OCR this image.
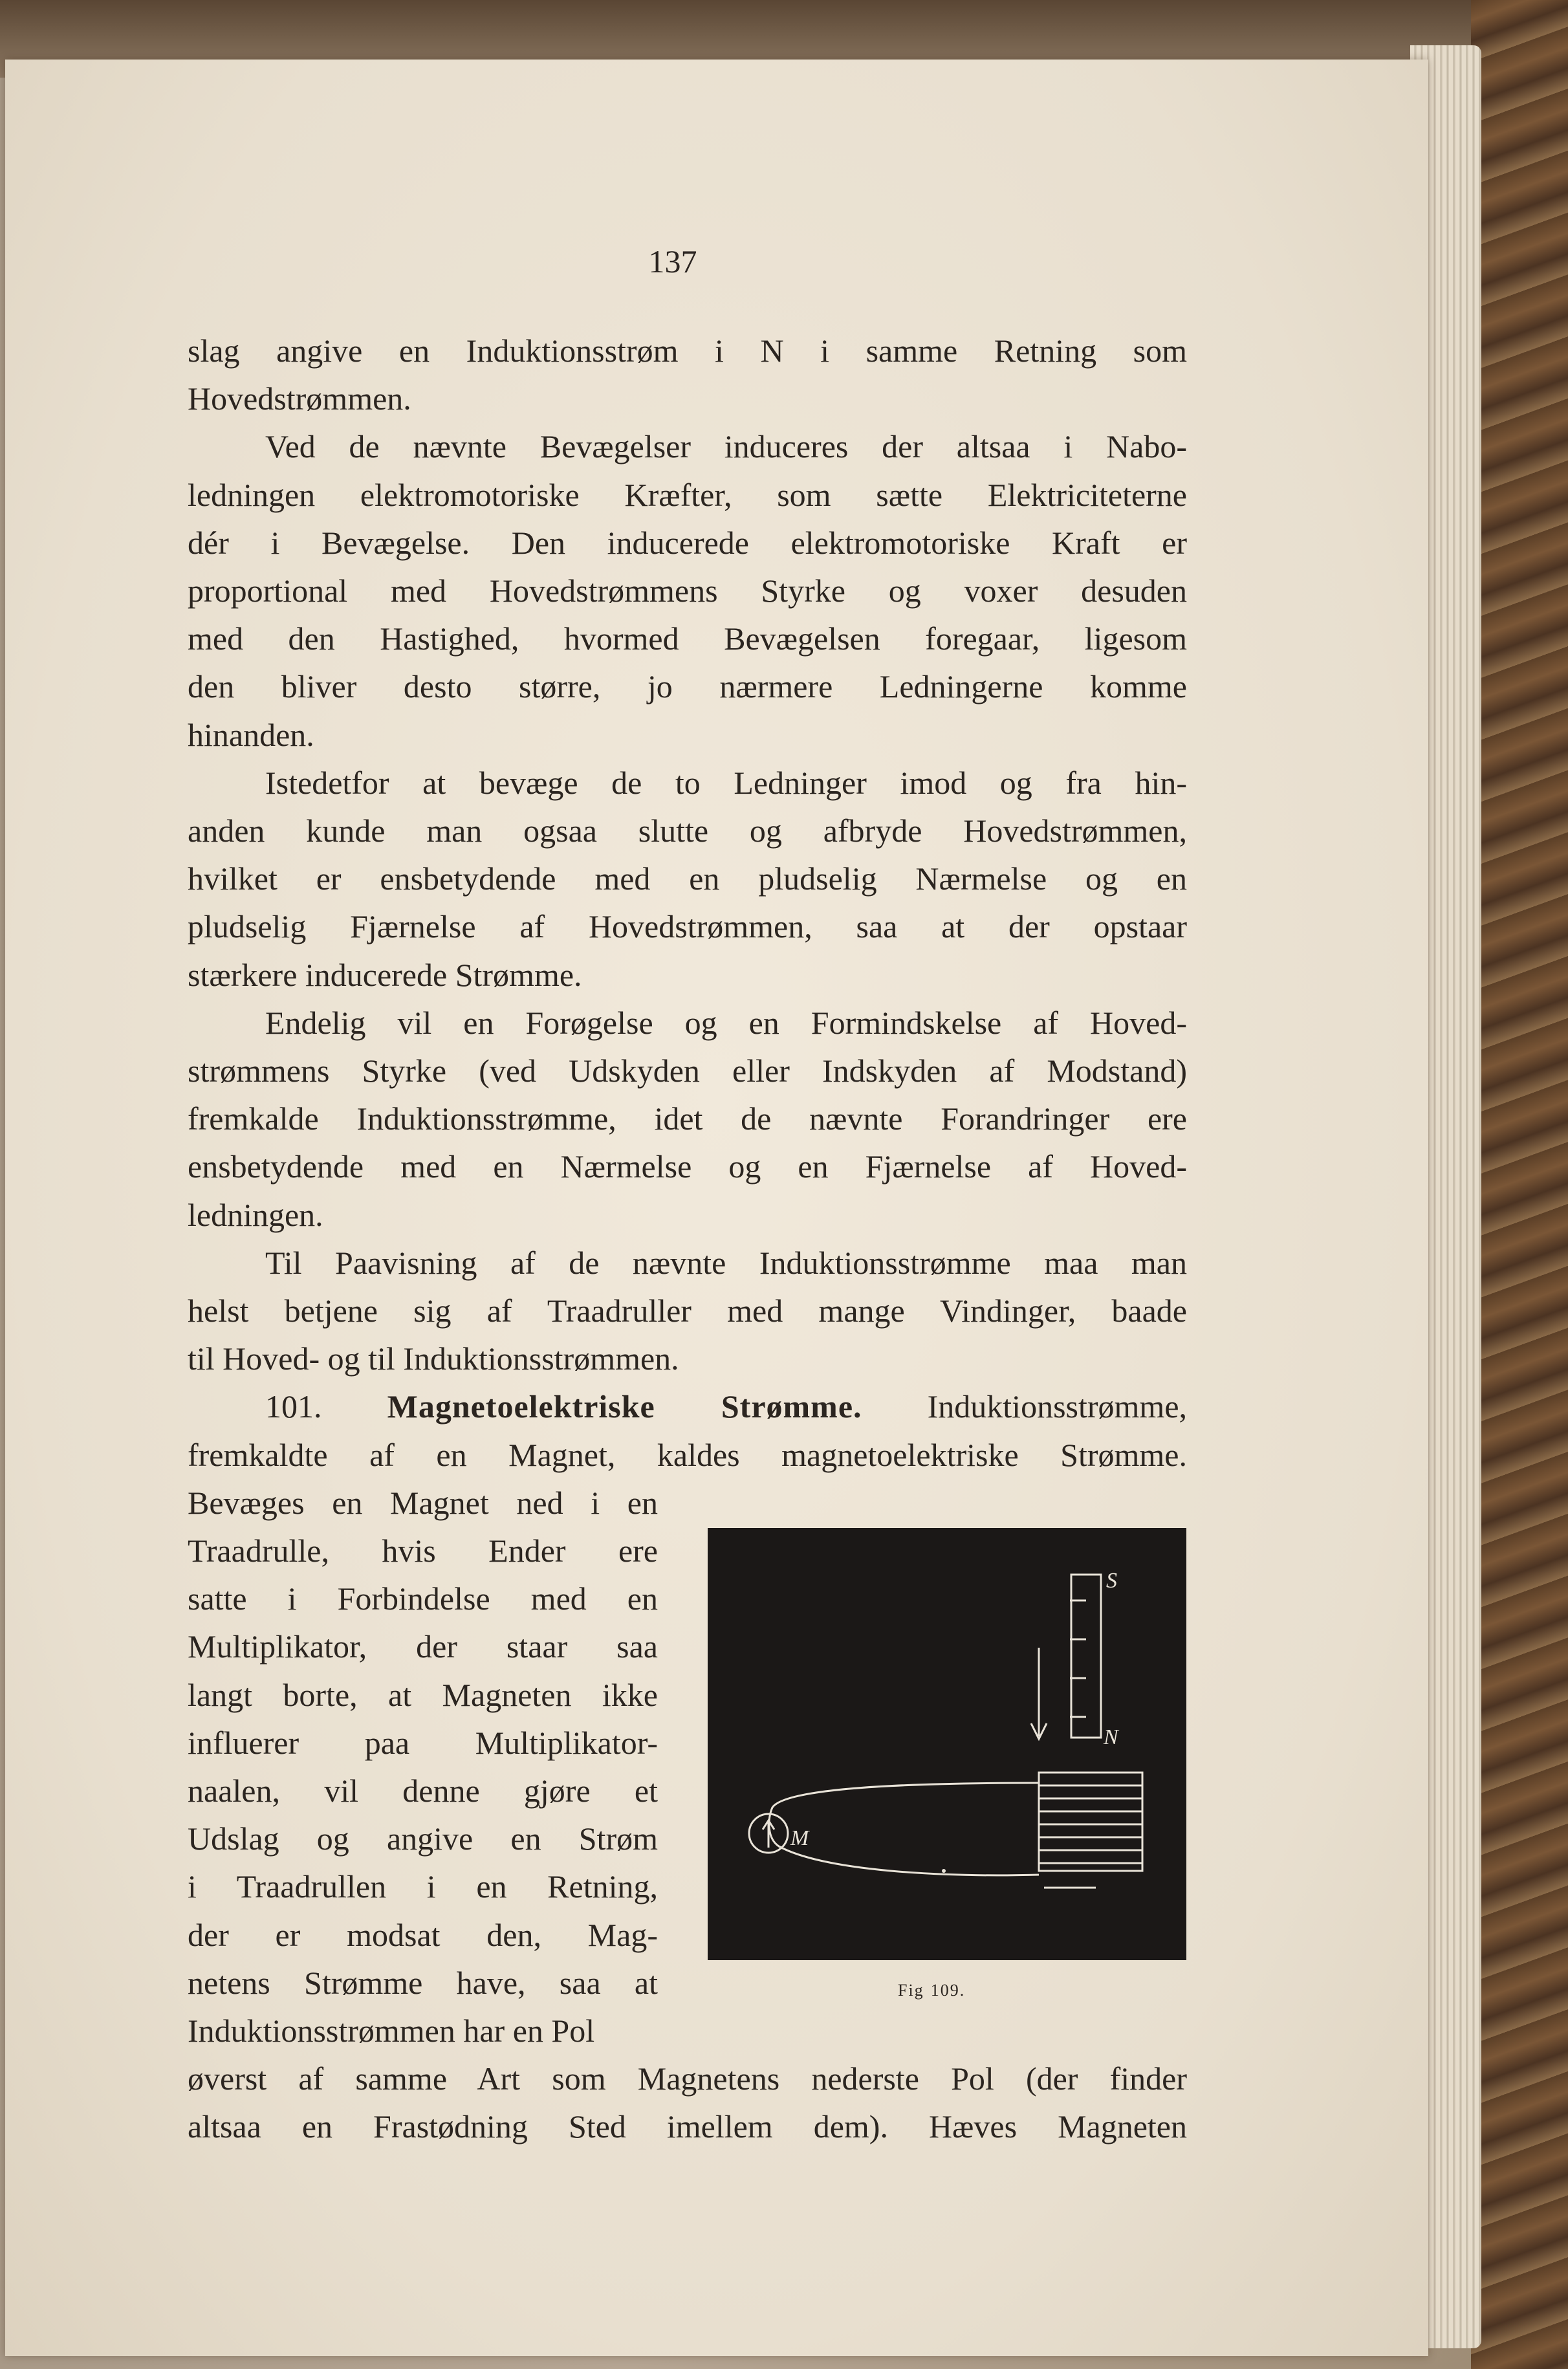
137
slag angive en Induktionsstrøm i N i samme Retning som
Hovedstrømmen.
Ved de nævnte Bevægelser induceres der altsaa i Nabo-
ledningen elektromotoriske Kræfter, som sætte Elektriciteterne
dér i Bevægelse. Den inducerede elektromotoriske Kraft er
proportional med Hovedstrømmens Styrke og voxer desuden
med den Hastighed, hvormed Bevægelsen foregaar, ligesom
den bliver desto større, jo nærmere Ledningerne komme
hinanden.
Istedetfor at bevæge de to Ledninger imod og fra hin-
anden kunde man ogsaa slutte og afbryde Hovedstrømmen,
hvilket er ensbetydende med en pludselig Nærmelse og en
pludselig Fjærnelse af Hovedstrømmen, saa at der opstaar
stærkere inducerede Strømme.
Endelig vil en Forøgelse og en Formindskelse af Hoved-
strømmens Styrke (ved Udskyden eller Indskyden af Modstand)
fremkalde Induktionsstrømme, idet de nævnte Forandringer ere
ensbetydende med en Nærmelse og en Fjærnelse af Hoved-
ledningen.
Til Paavisning af de nævnte Induktionsstrømme maa man
helst betjene sig af Traadruller med mange Vindinger, baade
til Hoved- og til Induktionsstrømmen.
101. Magnetoelektriske Strømme. Induktionsstrømme,
fremkaldte af en Magnet, kaldes magnetoelektriske Strømme.
Bevæges en Magnet ned i en
Traadrulle, hvis Ender ere
satte i Forbindelse med en
Multiplikator, der staar saa
langt borte, at Magneten ikke
influerer paa Multiplikator-
naalen, vil denne gjøre et
Udslag og angive en Strøm
i Traadrullen i en Retning,
der er modsat den, Mag-
netens Strømme have, saa at
Induktionsstrømmen har en Pol
øverst af samme Art som Magnetens nederste Pol (der finder
altsaa en Frastødning Sted imellem dem). Hæves Magneten
S
N
M
Fig 109.
